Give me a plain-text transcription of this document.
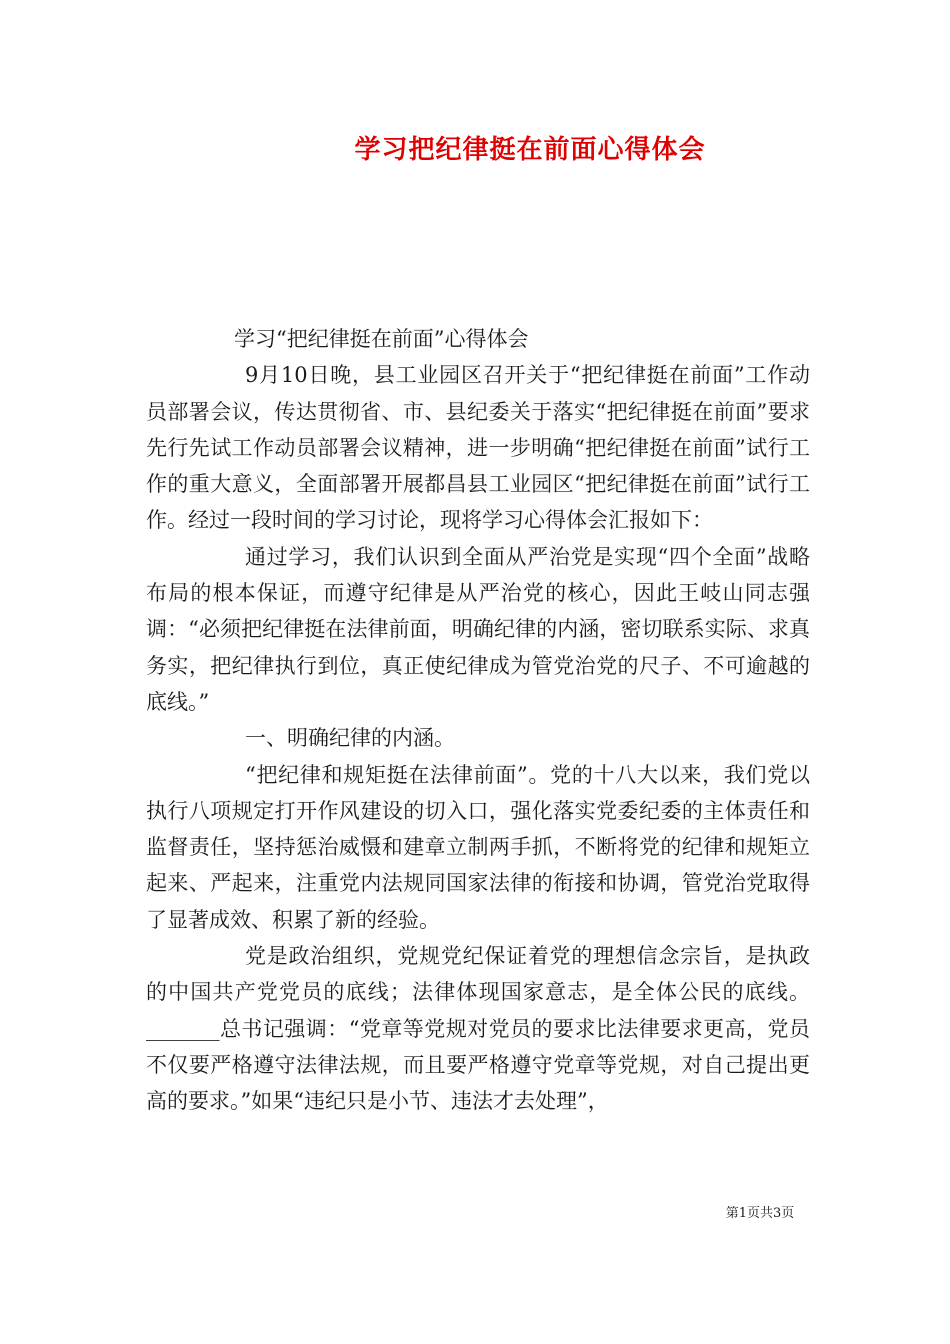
学习把纪律挺在前面心得体会

学习“把纪律挺在前面”心得体会

9月10日晚，县工业园区召开关于“把纪律挺在前面”工作动员部署会议，传达贯彻省、市、县纪委关于落实“把纪律挺在前面”要求先行先试工作动员部署会议精神，进一步明确“把纪律挺在前面”试行工作的重大意义，全面部署开展都昌县工业园区“把纪律挺在前面”试行工作。经过一段时间的学习讨论，现将学习心得体会汇报如下：

通过学习，我们认识到全面从严治党是实现“四个全面”战略布局的根本保证，而遵守纪律是从严治党的核心，因此王岐山同志强调：“必须把纪律挺在法律前面，明确纪律的内涵，密切联系实际、求真务实，把纪律执行到位，真正使纪律成为管党治党的尺子、不可逾越的底线。”

一、明确纪律的内涵。

“把纪律和规矩挺在法律前面”。党的十八大以来，我们党以执行八项规定打开作风建设的切入口，强化落实党委纪委的主体责任和监督责任，坚持惩治威慑和建章立制两手抓，不断将党的纪律和规矩立起来、严起来，注重党内法规同国家法律的衔接和协调，管党治党取得了显著成效、积累了新的经验。

党是政治组织，党规党纪保证着党的理想信念宗旨，是执政的中国共产党党员的底线；法律体现国家意志，是全体公民的底线。_______总书记强调：“党章等党规对党员的要求比法律要求更高，党员不仅要严格遵守法律法规，而且要严格遵守党章等党规，对自己提出更高的要求。”如果“违纪只是小节、违法才去处理”，

第1页共3页
